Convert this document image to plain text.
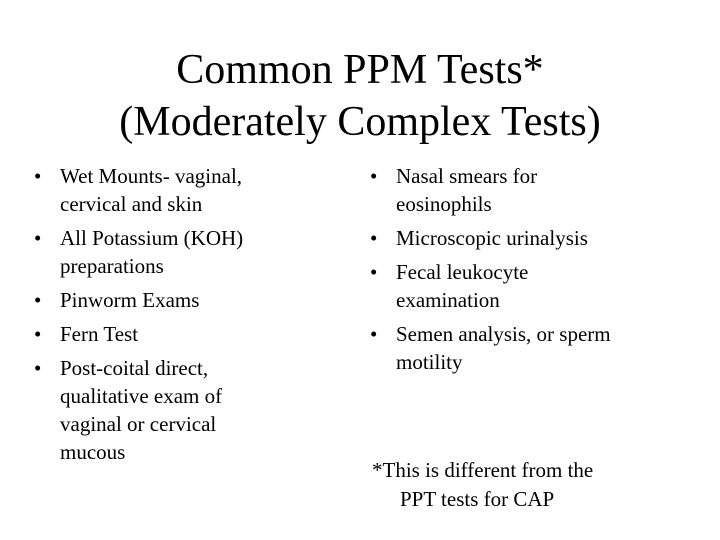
Common PPM Tests*
(Moderately Complex Tests)
• Wet Mounts- vaginal,
cervical and skin
• All Potassium (KOH)
preparations
• Pinworm Exams
• Fern Test
• Post-coital direct,
qualitative exam of
vaginal or cervical
mucous
• Nasal smears for
eosinophils
• Microscopic urinalysis
• Fecal leukocyte
examination
• Semen analysis, or sperm
motility
*This is different from the
PPT tests for CAP
